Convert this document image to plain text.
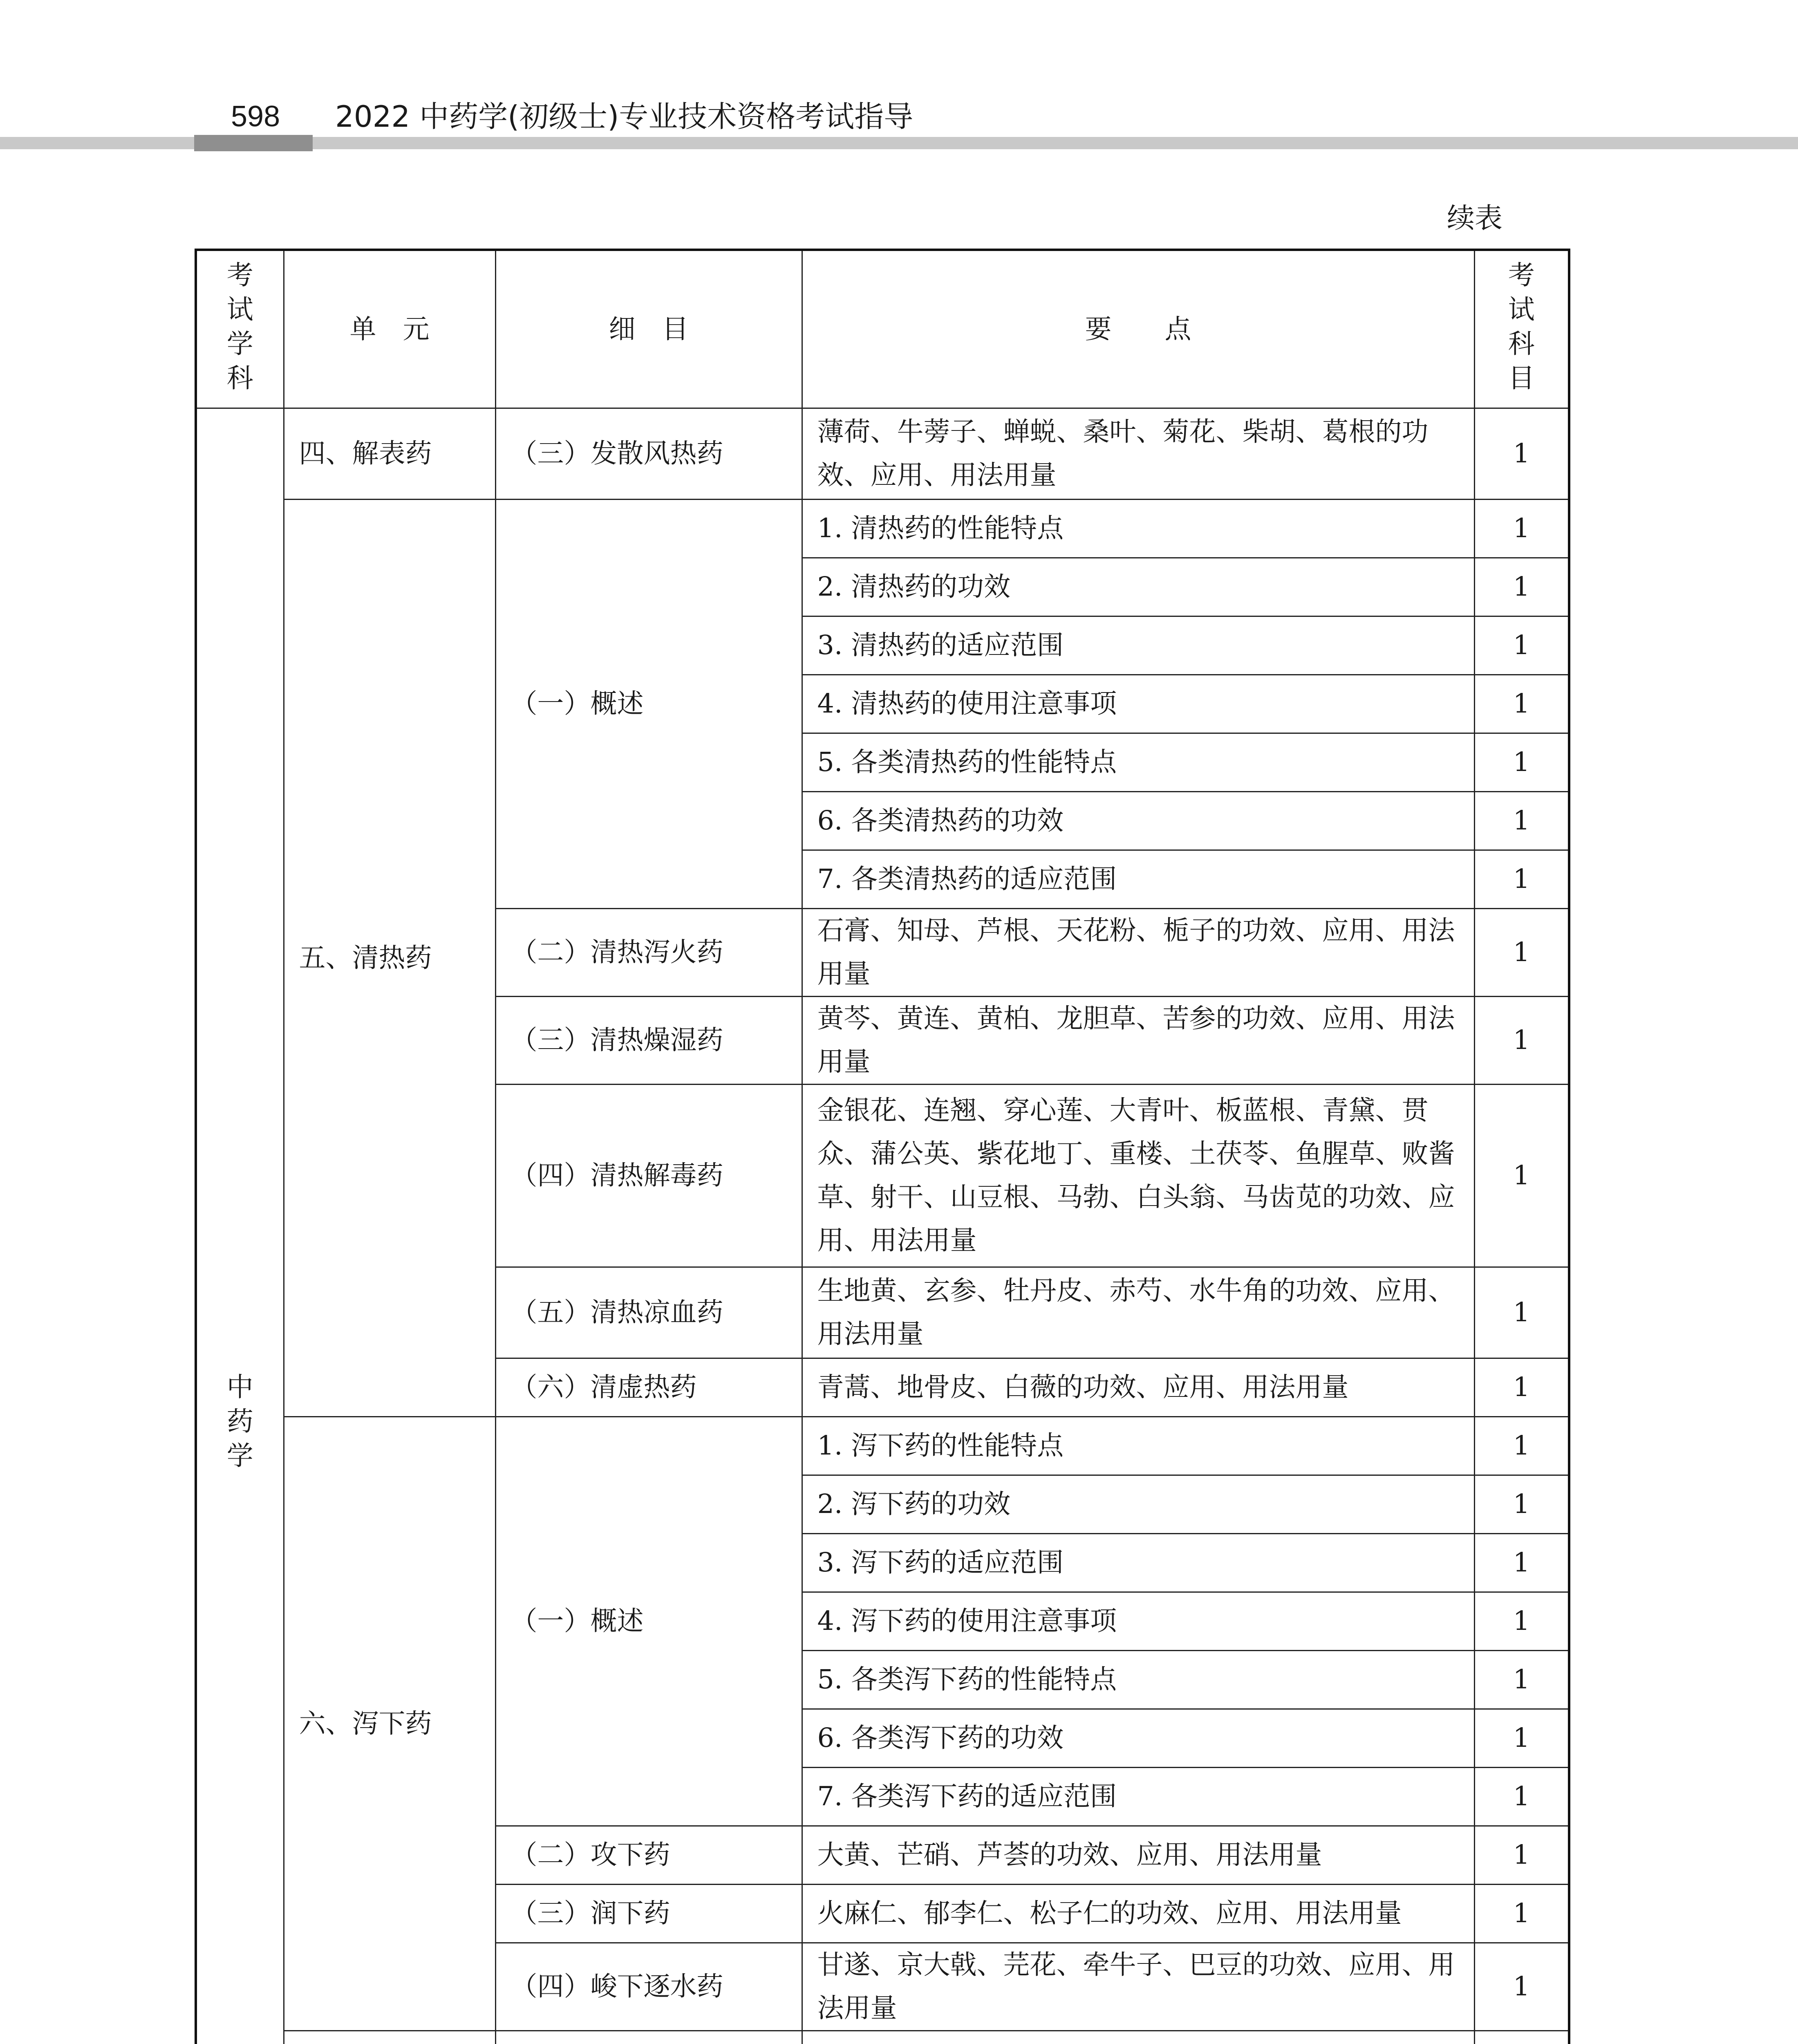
598 2022 中药学(初级士)专业技术资格考试指导
续表
考试学科	单　元	细　目	要　　点	考试科目
中药学	四、解表药	（三）发散风热药	薄荷、牛蒡子、蝉蜕、桑叶、菊花、柴胡、葛根的功效、应用、用法用量	1
	五、清热药	（一）概述	1. 清热药的性能特点	1
			2. 清热药的功效	1
			3. 清热药的适应范围	1
			4. 清热药的使用注意事项	1
			5. 各类清热药的性能特点	1
			6. 各类清热药的功效	1
			7. 各类清热药的适应范围	1
		（二）清热泻火药	石膏、知母、芦根、天花粉、栀子的功效、应用、用法用量	1
		（三）清热燥湿药	黄芩、黄连、黄柏、龙胆草、苦参的功效、应用、用法用量	1
		（四）清热解毒药	金银花、连翘、穿心莲、大青叶、板蓝根、青黛、贯众、蒲公英、紫花地丁、重楼、土茯苓、鱼腥草、败酱草、射干、山豆根、马勃、白头翁、马齿苋的功效、应用、用法用量	1
		（五）清热凉血药	生地黄、玄参、牡丹皮、赤芍、水牛角的功效、应用、用法用量	1
		（六）清虚热药	青蒿、地骨皮、白薇的功效、应用、用法用量	1
	六、泻下药	（一）概述	1. 泻下药的性能特点	1
			2. 泻下药的功效	1
			3. 泻下药的适应范围	1
			4. 泻下药的使用注意事项	1
			5. 各类泻下药的性能特点	1
			6. 各类泻下药的功效	1
			7. 各类泻下药的适应范围	1
		（二）攻下药	大黄、芒硝、芦荟的功效、应用、用法用量	1
		（三）润下药	火麻仁、郁李仁、松子仁的功效、应用、用法用量	1
		（四）峻下逐水药	甘遂、京大戟、芫花、牵牛子、巴豆的功效、应用、用法用量	1
